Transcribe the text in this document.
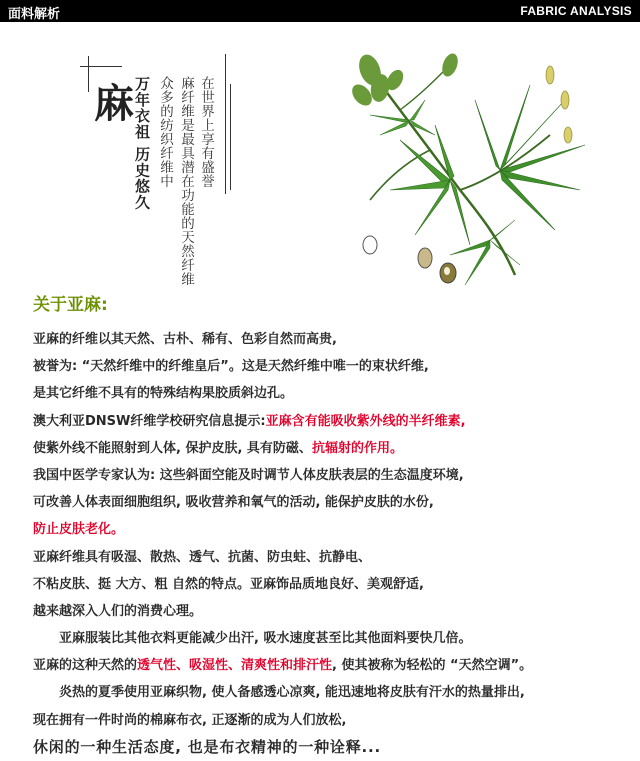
面料解析	FABRIC ANALYSIS
麻 万年衣祖 历史悠久 众多的纺织纤维中 麻纤维是最具潜在功能的天然纤维 在世界上享有盛誉
关于亚麻:
亚麻的纤维以其天然、古朴、稀有、色彩自然而高贵,
被誉为: “天然纤维中的纤维皇后”。这是天然纤维中唯一的束状纤维,
是其它纤维不具有的特殊结构果胶质斜边孔。
澳大利亚DNSW纤维学校研究信息提示:亚麻含有能吸收紫外线的半纤维素,
使紫外线不能照射到人体, 保护皮肤, 具有防磁、抗辐射的作用。
我国中医学专家认为: 这些斜面空能及时调节人体皮肤表层的生态温度环境,
可改善人体表面细胞组织, 吸收营养和氧气的活动, 能保护皮肤的水份,
防止皮肤老化。
亚麻纤维具有吸湿、散热、透气、抗菌、防虫蛀、抗静电、
不粘皮肤、挺 大方、粗 自然的特点。亚麻饰品质地良好、美观舒适,
越来越深入人们的消费心理。
亚麻服装比其他衣料更能减少出汗, 吸水速度甚至比其他面料要快几倍。
亚麻的这种天然的透气性、吸湿性、清爽性和排汗性, 使其被称为轻松的 “天然空调”。
炎热的夏季使用亚麻织物, 使人备感透心凉爽, 能迅速地将皮肤有汗水的热量排出,
现在拥有一件时尚的棉麻布衣, 正逐渐的成为人们放松,
休闲的一种生活态度, 也是布衣精神的一种诠释...
